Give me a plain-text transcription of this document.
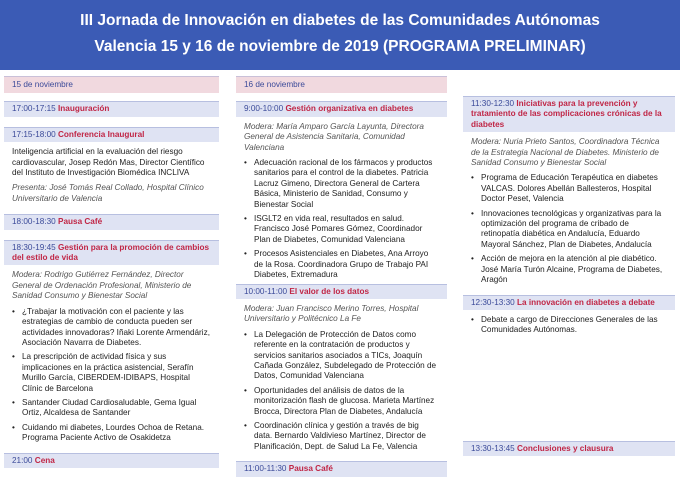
III Jornada de Innovación en diabetes de las Comunidades Autónomas
Valencia 15 y 16 de noviembre de 2019 (PROGRAMA PRELIMINAR)
15 de noviembre
17:00-17:15 Inauguración
17:15-18:00 Conferencia Inaugural
Inteligencia artificial en la evaluación del riesgo cardiovascular, Josep Redón Mas, Director Científico del Instituto de Investigación Biomédica INCLIVA
Presenta: José Tomás Real Collado, Hospital Clínico Universitario de Valencia
18:00-18:30 Pausa Café
18:30-19:45 Gestión para la promoción de cambios del estilo de vida
Modera: Rodrigo Gutiérrez Fernández, Director General de Ordenación Profesional, Ministerio de Sanidad Consumo y Bienestar Social
• ¿Trabajar la motivación con el paciente y las estrategias de cambio de conducta pueden ser actividades innovadoras? Iñaki Lorente Armendáriz, Asociación Navarra de Diabetes.
• La prescripción de actividad física y sus implicaciones en la práctica asistencial, Serafín Murillo García, CIBERDEM-IDIBAPS, Hospital Clínic de Barcelona
• Santander Ciudad Cardiosaludable, Gema Igual Ortiz, Alcaldesa de Santander
• Cuidando mi diabetes, Lourdes Ochoa de Retana. Programa Paciente Activo de Osakidetza
21:00 Cena
16 de noviembre
9:00-10:00 Gestión organizativa en diabetes
Modera: María Amparo García Layunta, Directora General de Asistencia Sanitaria, Comunidad Valenciana
• Adecuación racional de los fármacos y productos sanitarios para el control de la diabetes. Patricia Lacruz Gimeno, Directora General de Cartera Básica, Ministerio de Sanidad, Consumo y Bienestar Social
• ISGLT2 en vida real, resultados en salud. Francisco José Pomares Gómez, Coordinador Plan de Diabetes, Comunidad Valenciana
• Procesos Asistenciales en Diabetes, Ana Arroyo de la Rosa. Coordinadora Grupo de Trabajo PAI Diabetes, Extremadura
10:00-11:00 El valor de los datos
Modera: Juan Francisco Merino Torres, Hospital Universitario y Politécnico La Fe
• La Delegación de Protección de Datos como referente en la contratación de productos y servicios sanitarios asociados a TICs, Joaquín Cañada González, Subdelegado de Protección de Datos, Comunidad Valenciana
• Oportunidades del análisis de datos de la monitorización flash de glucosa. Marieta Martínez Brocca, Directora Plan de Diabetes, Andalucía
• Coordinación clínica y gestión a través de big data. Bernardo Valdivieso Martínez, Director de Planificación, Dept. de Salud La Fe, Valencia
11:00-11:30 Pausa Café
11:30-12:30 Iniciativas para la prevención y tratamiento de las complicaciones crónicas de la diabetes
Modera: Nuria Prieto Santos, Coordinadora Técnica de la Estrategia Nacional de Diabetes. Ministerio de Sanidad Consumo y Bienestar Social
• Programa de Educación Terapéutica en diabetes VALCAS. Dolores Abellán Ballesteros, Hospital Doctor Peset, Valencia
• Innovaciones tecnológicas y organizativas para la optimización del programa de cribado de retinopatía diabética en Andalucía, Eduardo Mayoral Sánchez, Plan de Diabetes, Andalucía
• Acción de mejora en la atención al pie diabético. José María Turón Alcaine, Programa de Diabetes, Aragón
12:30-13:30 La innovación en diabetes a debate
• Debate a cargo de Direcciones Generales de las Comunidades Autónomas.
13:30-13:45 Conclusiones y clausura
